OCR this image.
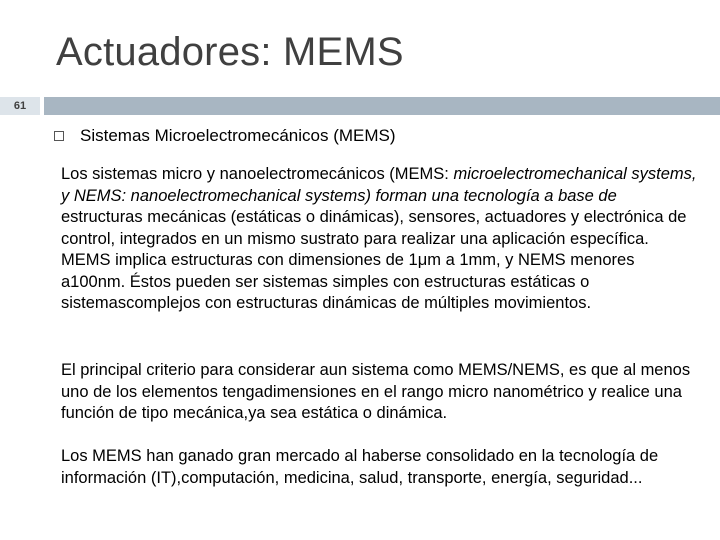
Actuadores: MEMS
61
Sistemas Microelectromecánicos (MEMS)

Los sistemas micro y nanoelectromecánicos (MEMS: microelectromechanical systems, y NEMS: nanoelectromechanical systems) forman una tecnología a base de estructuras mecánicas (estáticas o dinámicas), sensores, actuadores y electrónica de control, integrados en un mismo sustrato para realizar una aplicación específica.
MEMS implica estructuras con dimensiones de 1μm a 1mm, y NEMS menores a100nm. Éstos pueden ser sistemas simples con estructuras estáticas o sistemascomplejos con estructuras dinámicas de múltiples movimientos.

El principal criterio para considerar aun sistema como MEMS/NEMS, es que al menos uno de los elementos tengadimensiones en el rango micro nanométrico y realice una función de tipo mecánica,ya sea estática o dinámica.

Los MEMS han ganado gran mercado al haberse consolidado en la tecnología de información (IT),computación, medicina, salud, transporte, energía, seguridad...
